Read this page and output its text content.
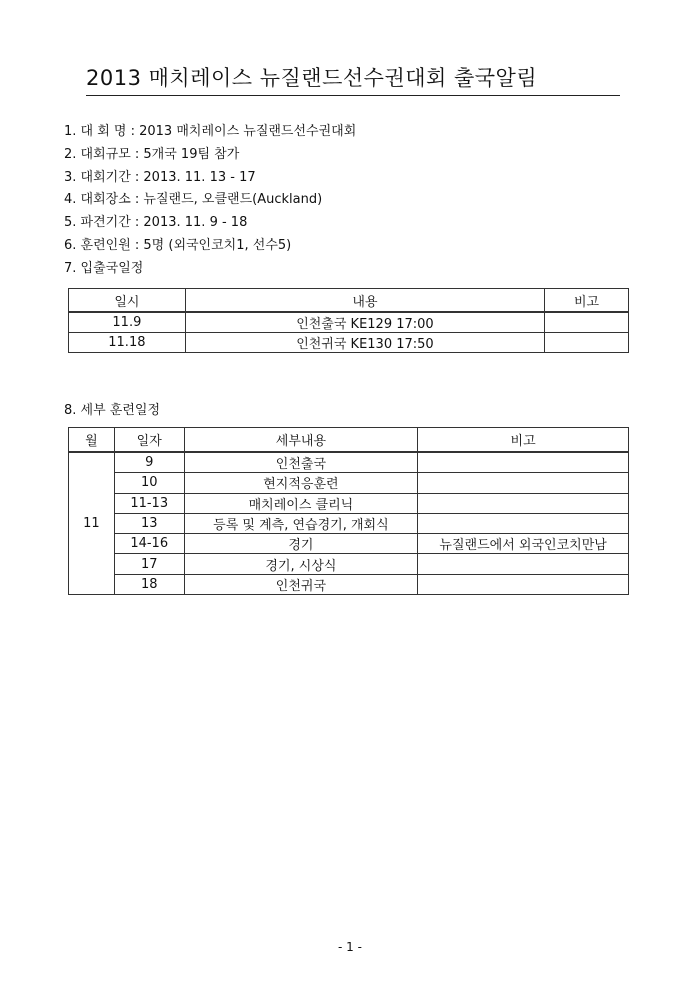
2013 매치레이스 뉴질랜드선수권대회 출국알림
1. 대 회 명 : 2013 매치레이스 뉴질랜드선수권대회
2. 대회규모 : 5개국 19팀 참가
3. 대회기간 : 2013. 11. 13 - 17
4. 대회장소 : 뉴질랜드, 오클랜드(Auckland)
5. 파견기간 : 2013. 11. 9 - 18
6. 훈련인원 : 5명 (외국인코치1, 선수5)
7. 입출국일정
일시	내용	비고
11.9	인천출국 KE129 17:00	
11.18	인천귀국 KE130 17:50	
8. 세부 훈련일정
월	일자	세부내용	비고
11	9	인천출국	
	10	현지적응훈련	
	11-13	매치레이스 클리닉	
	13	등록 및 계측, 연습경기, 개회식	
	14-16	경기	뉴질랜드에서 외국인코치만남
	17	경기, 시상식	
	18	인천귀국	
- 1 -
